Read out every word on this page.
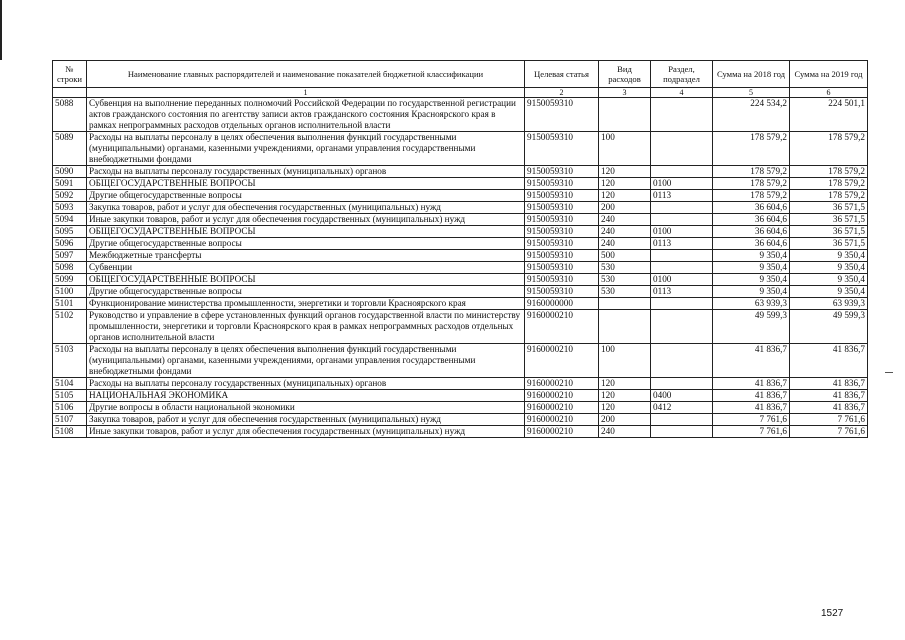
№ строки	Наименование главных распорядителей и наименование показателей бюджетной классификации	Целевая статья	Вид расходов	Раздел, подраздел	Сумма на 2018 год	Сумма на 2019 год
	1	2	3	4	5	6
5088	Субвенция на выполнение переданных полномочий Российской Федерации по государственной регистрации актов гражданского состояния по агентству записи актов гражданского состояния Красноярского края в рамках непрограммных расходов отдельных органов исполнительной власти	9150059310			224 534,2	224 501,1
5089	Расходы на выплаты персоналу в целях обеспечения выполнения функций государственными (муниципальными) органами, казенными учреждениями, органами управления государственными внебюджетными фондами	9150059310	100		178 579,2	178 579,2
5090	Расходы на выплаты персоналу государственных (муниципальных) органов	9150059310	120		178 579,2	178 579,2
5091	ОБЩЕГОСУДАРСТВЕННЫЕ ВОПРОСЫ	9150059310	120	0100	178 579,2	178 579,2
5092	Другие общегосударственные вопросы	9150059310	120	0113	178 579,2	178 579,2
5093	Закупка товаров, работ и услуг для обеспечения государственных (муниципальных) нужд	9150059310	200		36 604,6	36 571,5
5094	Иные закупки товаров, работ и услуг для обеспечения государственных (муниципальных) нужд	9150059310	240		36 604,6	36 571,5
5095	ОБЩЕГОСУДАРСТВЕННЫЕ ВОПРОСЫ	9150059310	240	0100	36 604,6	36 571,5
5096	Другие общегосударственные вопросы	9150059310	240	0113	36 604,6	36 571,5
5097	Межбюджетные трансферты	9150059310	500		9 350,4	9 350,4
5098	Субвенции	9150059310	530		9 350,4	9 350,4
5099	ОБЩЕГОСУДАРСТВЕННЫЕ ВОПРОСЫ	9150059310	530	0100	9 350,4	9 350,4
5100	Другие общегосударственные вопросы	9150059310	530	0113	9 350,4	9 350,4
5101	Функционирование министерства промышленности, энергетики и торговли Красноярского края	9160000000			63 939,3	63 939,3
5102	Руководство и управление в сфере установленных функций органов государственной власти по министерству промышленности, энергетики и торговли Красноярского края в рамках непрограммных расходов отдельных органов исполнительной власти	9160000210			49 599,3	49 599,3
5103	Расходы на выплаты персоналу в целях обеспечения выполнения функций государственными (муниципальными) органами, казенными учреждениями, органами управления государственными внебюджетными фондами	9160000210	100		41 836,7	41 836,7
5104	Расходы на выплаты персоналу государственных (муниципальных) органов	9160000210	120		41 836,7	41 836,7
5105	НАЦИОНАЛЬНАЯ ЭКОНОМИКА	9160000210	120	0400	41 836,7	41 836,7
5106	Другие вопросы в области национальной экономики	9160000210	120	0412	41 836,7	41 836,7
5107	Закупка товаров, работ и услуг для обеспечения государственных (муниципальных) нужд	9160000210	200		7 761,6	7 761,6
5108	Иные закупки товаров, работ и услуг для обеспечения государственных (муниципальных) нужд	9160000210	240		7 761,6	7 761,6
1527
